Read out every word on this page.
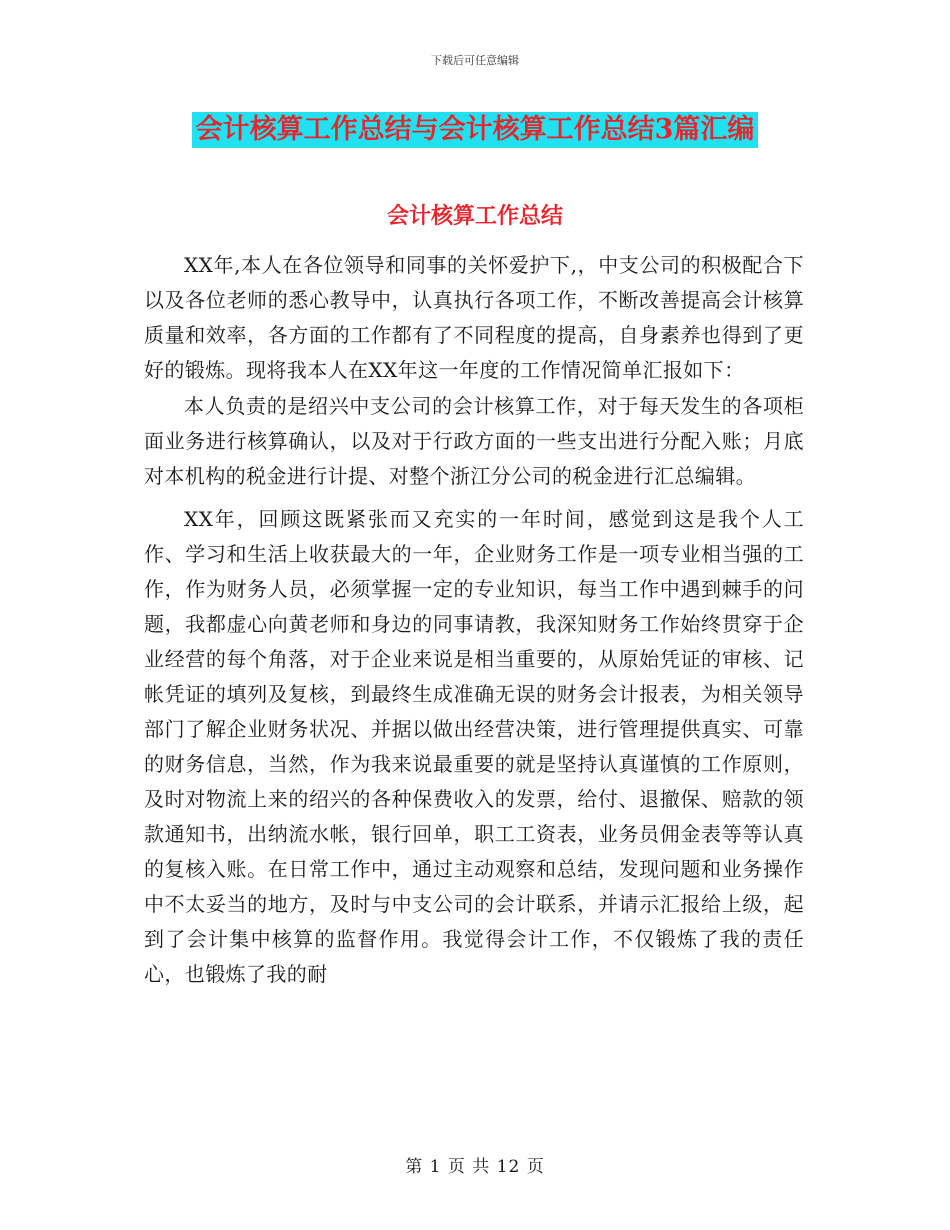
下载后可任意编辑
会计核算工作总结与会计核算工作总结3篇汇编
会计核算工作总结

XX年,本人在各位领导和同事的关怀爱护下,，中支公司的积极配合下以及各位老师的悉心教导中，认真执行各项工作，不断改善提高会计核算质量和效率，各方面的工作都有了不同程度的提高，自身素养也得到了更好的锻炼。现将我本人在XX年这一年度的工作情况简单汇报如下：

本人负责的是绍兴中支公司的会计核算工作，对于每天发生的各项柜面业务进行核算确认，以及对于行政方面的一些支出进行分配入账；月底对本机构的税金进行计提、对整个浙江分公司的税金进行汇总编辑。

XX年，回顾这既紧张而又充实的一年时间，感觉到这是我个人工作、学习和生活上收获最大的一年，企业财务工作是一项专业相当强的工作，作为财务人员，必须掌握一定的专业知识，每当工作中遇到棘手的问题，我都虚心向黄老师和身边的同事请教，我深知财务工作始终贯穿于企业经营的每个角落，对于企业来说是相当重要的，从原始凭证的审核、记帐凭证的填列及复核，到最终生成准确无误的财务会计报表，为相关领导部门了解企业财务状况、并据以做出经营决策，进行管理提供真实、可靠的财务信息，当然，作为我来说最重要的就是坚持认真谨慎的工作原则，及时对物流上来的绍兴的各种保费收入的发票，给付、退撤保、赔款的领款通知书，出纳流水帐，银行回单，职工工资表，业务员佣金表等等认真的复核入账。在日常工作中，通过主动观察和总结，发现问题和业务操作中不太妥当的地方，及时与中支公司的会计联系，并请示汇报给上级，起到了会计集中核算的监督作用。我觉得会计工作，不仅锻炼了我的责任心，也锻炼了我的耐

第 1 页 共 12 页
